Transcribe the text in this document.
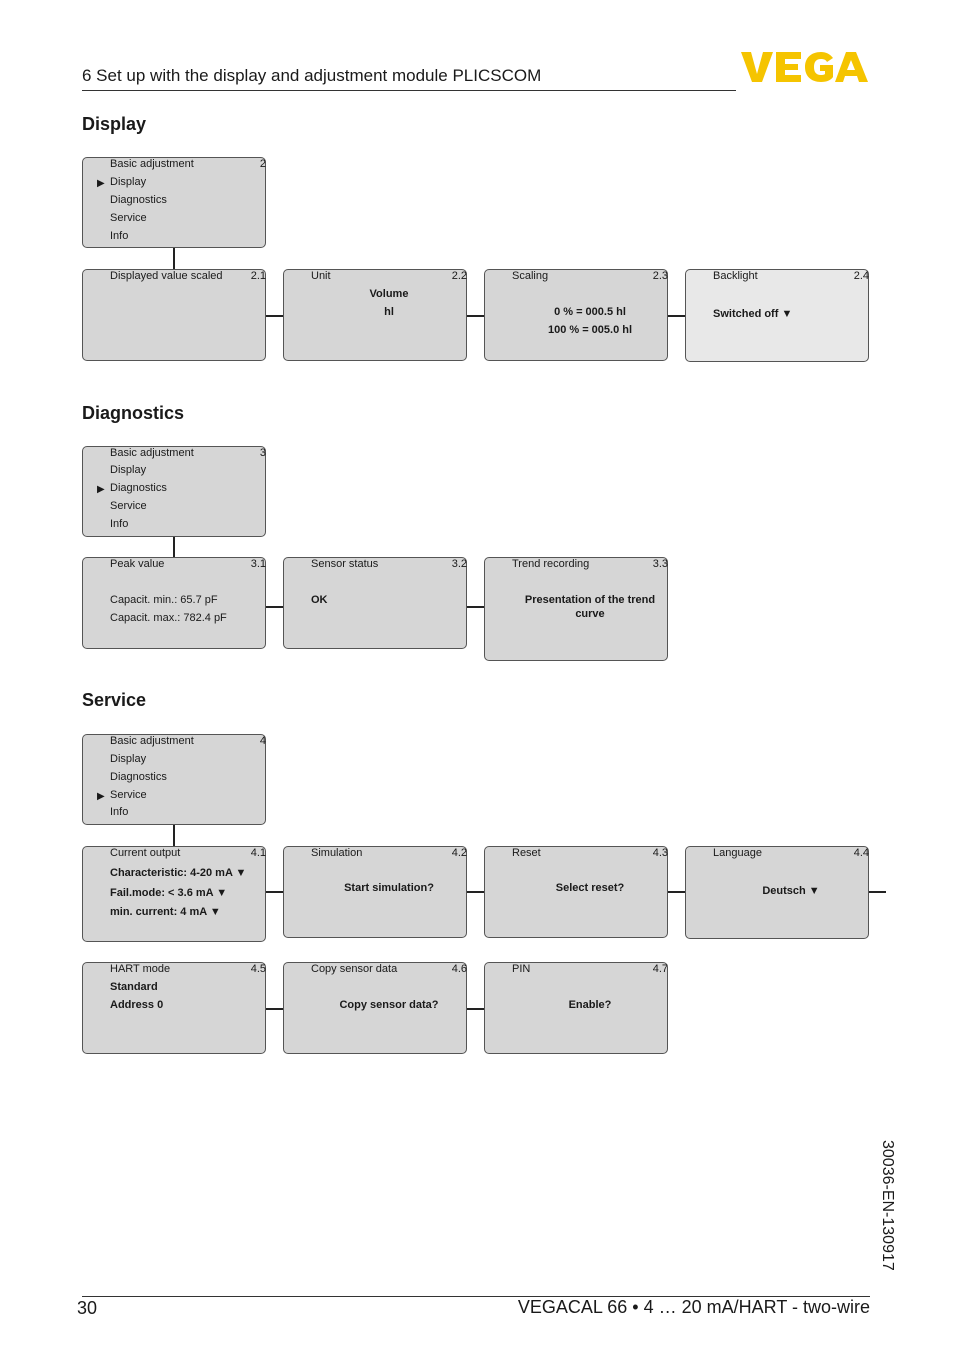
6 Set up with the display and adjustment module PLICSCOM
Display
Basic adjustment	2
▶ Display
Diagnostics
Service
Info
Displayed value scaled	2.1	Unit	2.2
Volume
hl
Scaling	2.3
0 % = 000.5 hl
100 % = 005.0 hl
Backlight	2.4
Switched off ▼
Diagnostics
Basic adjustment	3
Display
▶ Diagnostics
Service
Info
Peak value	3.1
Capacit. min.: 65.7 pF
Capacit. max.: 782.4 pF
Sensor status	3.2
OK
Trend recording	3.3
Presentation of the trend
curve
Service
Basic adjustment	4
Display
Diagnostics
▶ Service
Info
Current output	4.1
Characteristic: 4-20 mA ▼
Fail.mode: < 3.6 mA ▼
min. current: 4 mA ▼
Simulation	4.2
Start simulation?
Reset	4.3
Select reset?
Language	4.4
Deutsch ▼
HART mode	4.5
Standard
Address 0
Copy sensor data	4.6
Copy sensor data?
PIN	4.7
Enable?
30036-EN-130917
30	VEGACAL 66 • 4 … 20 mA/HART - two-wire
